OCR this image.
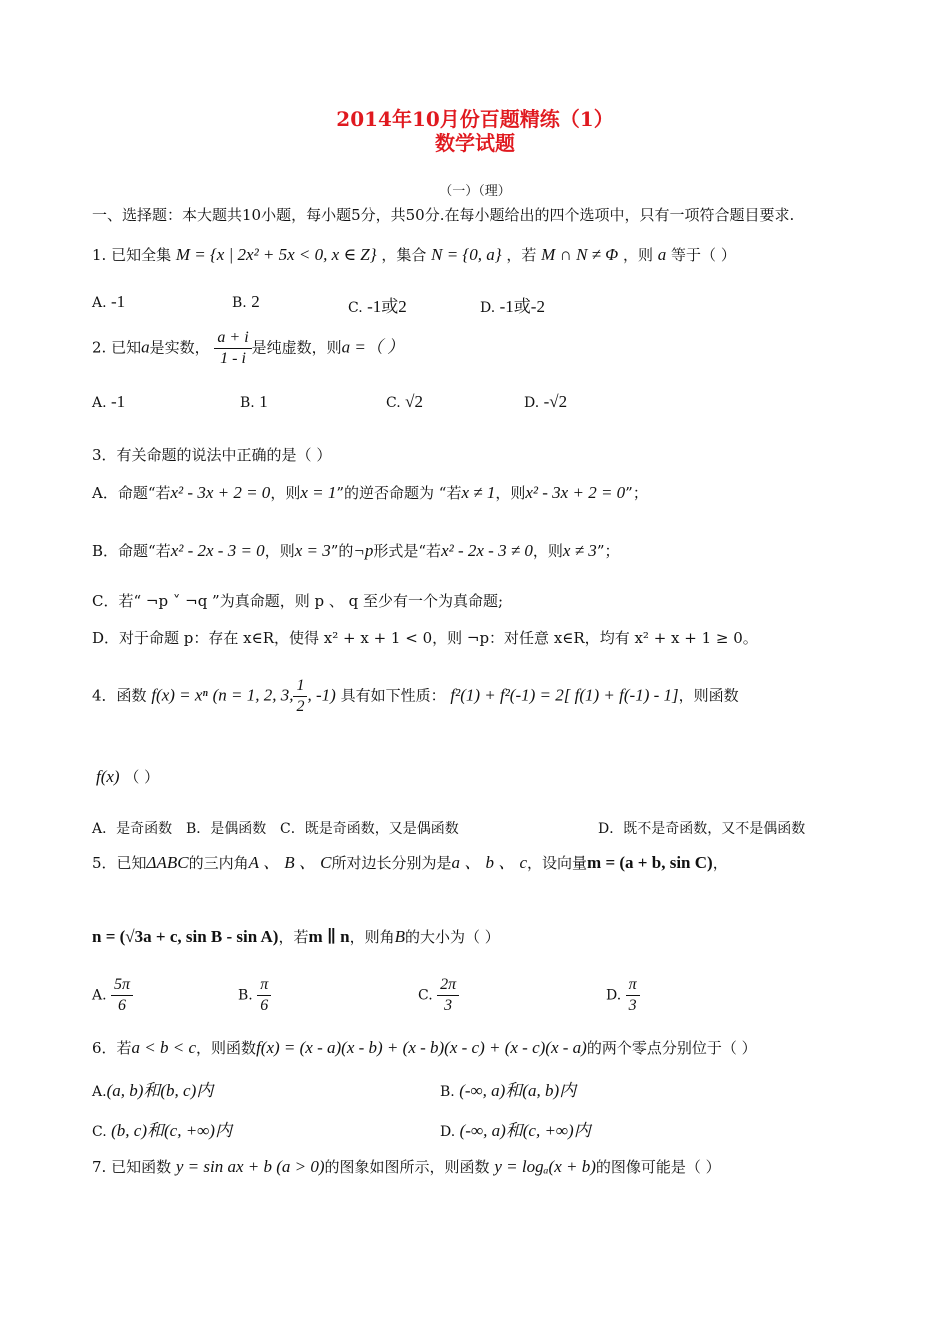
2014年10月份百题精练（1）
数学试题
（一）（理）
一、选择题：本大题共10小题，每小题5分，共50分.在每小题给出的四个选项中，只有一项符合题目要求.
1. 已知全集 M = {x | 2x² + 5x < 0, x ∈ Z} ，集合 N = {0, a} ，若 M ∩ N ≠ Φ ，则 a 等于（ ）
A. -1	B. 2	C. -1或2	D. -1或-2
2. 已知a是实数， $\frac{a + i}{1 - i}$ 是纯虚数，则a =（ ）
A. -1	B. 1	C. √2	D. -√2
3．有关命题的说法中正确的是（ ）
A．命题“若x² - 3x + 2 = 0，则x = 1”的逆否命题为 “若x ≠ 1，则x² - 3x + 2 = 0”；
B．命题“若x² - 2x - 3 = 0，则x = 3”的¬p形式是“若x² - 2x - 3 ≠ 0，则x ≠ 3”；
C．若“ ¬p ˅ ¬q ”为真命题，则 p 、 q 至少有一个为真命题;
D．对于命题 p：存在 x∈R，使得 x² + x + 1 < 0，则 ¬p：对任意 x∈R，均有 x² + x + 1 ≥ 0。
4．函数 f(x) = xⁿ (n = 1, 2, 3, $\frac{1}{2}$ , -1) 具有如下性质： f²(1) + f²(-1) = 2[ f(1) + f(-1) - 1]，则函数
f(x) （ ）
A．是奇函数 B．是偶函数 C．既是奇函数，又是偶函数	D．既不是奇函数，又不是偶函数
5．已知ΔABC的三内角A 、 B 、 C所对边长分别为是a 、 b 、 c，设向量m = (a + b, sin C)，
n = (√3a + c, sin B - sin A)，若m ∥ n，则角B的大小为（ ）
A. $\frac{5\pi}{6}$	B. $\frac{\pi}{6}$	C. $\frac{2\pi}{3}$	D. $\frac{\pi}{3}$
6．若a < b < c，则函数f(x) = (x - a)(x - b) + (x - b)(x - c) + (x - c)(x - a)的两个零点分别位于（ ）
A.(a, b)和(b, c)内	B. (-∞, a)和(a, b)内
C. (b, c)和(c, +∞)内	D. (-∞, a)和(c, +∞)内
7. 已知函数 y = sin ax + b (a > 0)的图象如图所示，则函数 y = logₐ(x + b)的图像可能是（ ）
